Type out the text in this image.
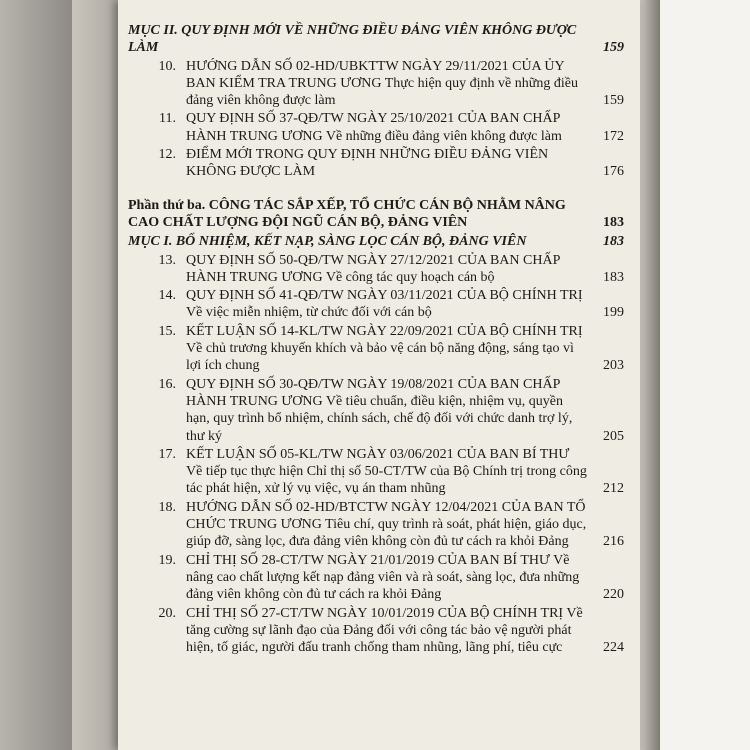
MỤC II. QUY ĐỊNH MỚI VỀ NHỮNG ĐIỀU ĐẢNG VIÊN KHÔNG ĐƯỢC LÀM	159
10. HƯỚNG DẪN SỐ 02-HD/UBKTTW NGÀY 29/11/2021 CỦA ỦY BAN KIỂM TRA TRUNG ƯƠNG Thực hiện quy định về những điều đảng viên không được làm	159
11. QUY ĐỊNH SỐ 37-QĐ/TW NGÀY 25/10/2021 CỦA BAN CHẤP HÀNH TRUNG ƯƠNG Về những điều đảng viên không được làm	172
12. ĐIỂM MỚI TRONG QUY ĐỊNH NHỮNG ĐIỀU ĐẢNG VIÊN KHÔNG ĐƯỢC LÀM	176

Phần thứ ba. CÔNG TÁC SẮP XẾP, TỔ CHỨC CÁN BỘ NHẰM NÂNG CAO CHẤT LƯỢNG ĐỘI NGŨ CÁN BỘ, ĐẢNG VIÊN	183

MỤC I. BỔ NHIỆM, KẾT NẠP, SÀNG LỌC CÁN BỘ, ĐẢNG VIÊN	183
13. QUY ĐỊNH SỐ 50-QĐ/TW NGÀY 27/12/2021 CỦA BAN CHẤP HÀNH TRUNG ƯƠNG Về công tác quy hoạch cán bộ	183
14. QUY ĐỊNH SỐ 41-QĐ/TW NGÀY 03/11/2021 CỦA BỘ CHÍNH TRỊ Về việc miễn nhiệm, từ chức đối với cán bộ	199
15. KẾT LUẬN SỐ 14-KL/TW NGÀY 22/09/2021 CỦA BỘ CHÍNH TRỊ Về chủ trương khuyến khích và bảo vệ cán bộ năng động, sáng tạo vì lợi ích chung	203
16. QUY ĐỊNH SỐ 30-QĐ/TW NGÀY 19/08/2021 CỦA BAN CHẤP HÀNH TRUNG ƯƠNG Về tiêu chuẩn, điều kiện, nhiệm vụ, quyền hạn, quy trình bổ nhiệm, chính sách, chế độ đối với chức danh trợ lý, thư ký	205
17. KẾT LUẬN SỐ 05-KL/TW NGÀY 03/06/2021 CỦA BAN BÍ THƯ Về tiếp tục thực hiện Chỉ thị số 50-CT/TW của Bộ Chính trị trong công tác phát hiện, xử lý vụ việc, vụ án tham nhũng	212
18. HƯỚNG DẪN SỐ 02-HD/BTCTW NGÀY 12/04/2021 CỦA BAN TỔ CHỨC TRUNG ƯƠNG Tiêu chí, quy trình rà soát, phát hiện, giáo dục, giúp đỡ, sàng lọc, đưa đảng viên không còn đủ tư cách ra khỏi Đảng	216
19. CHỈ THỊ SỐ 28-CT/TW NGÀY 21/01/2019 CỦA BAN BÍ THƯ Về nâng cao chất lượng kết nạp đảng viên và rà soát, sàng lọc, đưa những đảng viên không còn đủ tư cách ra khỏi Đảng	220
20. CHỈ THỊ SỐ 27-CT/TW NGÀY 10/01/2019 CỦA BỘ CHÍNH TRỊ Về tăng cường sự lãnh đạo của Đảng đối với công tác bảo vệ người phát hiện, tố giác, người đấu tranh chống tham nhũng, lãng phí, tiêu cực	224
